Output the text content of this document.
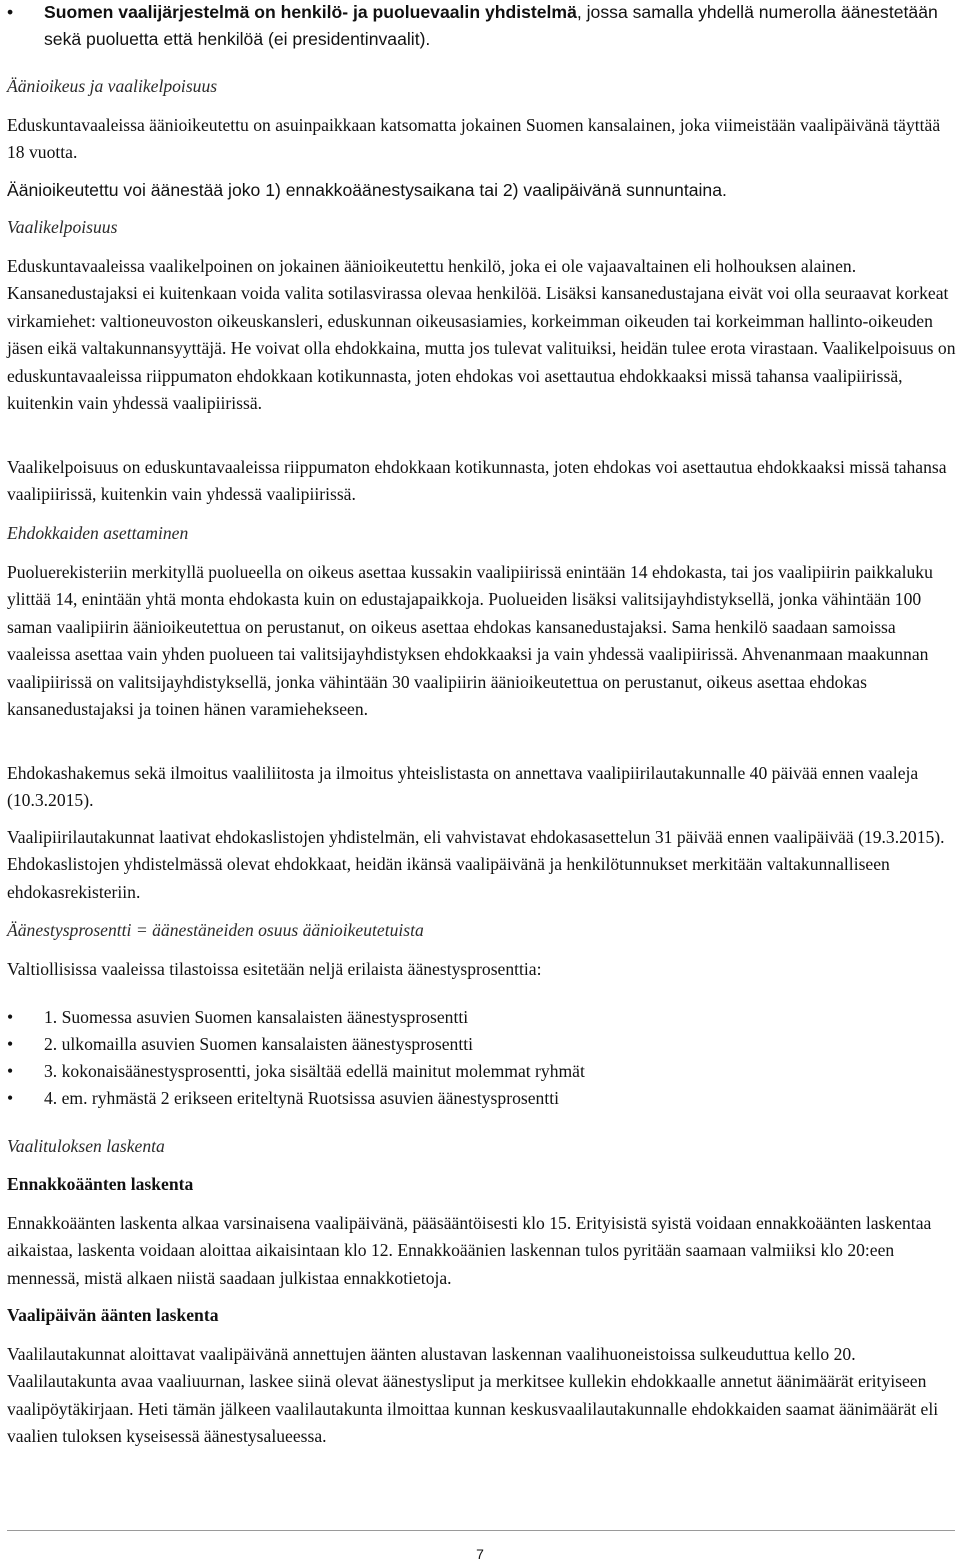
• Suomen vaalijärjestelmä on henkilö- ja puoluevaalin yhdistelmä, jossa samalla yhdellä numerolla äänestetään sekä puoluetta että henkilöä (ei presidentinvaalit).

Äänioikeus ja vaalikelpoisuus

Eduskuntavaaleissa äänioikeutettu on asuinpaikkaan katsomatta jokainen Suomen kansalainen, joka viimeistään vaalipäivänä täyttää 18 vuotta.

Äänioikeutettu voi äänestää joko 1) ennakkoäänestysaikana tai 2) vaalipäivänä sunnuntaina.

Vaalikelpoisuus

Eduskuntavaaleissa vaalikelpoinen on jokainen äänioikeutettu henkilö, joka ei ole vajaavaltainen eli holhouksen alainen. Kansanedustajaksi ei kuitenkaan voida valita sotilasvirassa olevaa henkilöä. Lisäksi kansanedustajana eivät voi olla seuraavat korkeat virkamiehet: valtioneuvoston oikeuskansleri, eduskunnan oikeusasiamies, korkeimman oikeuden tai korkeimman hallinto-oikeuden jäsen eikä valtakunnansyyttäjä. He voivat olla ehdokkaina, mutta jos tulevat valituiksi, heidän tulee erota virastaan. Vaalikelpoisuus on eduskuntavaaleissa riippumaton ehdokkaan kotikunnasta, joten ehdokas voi asettautua ehdokkaaksi missä tahansa vaalipiirissä, kuitenkin vain yhdessä vaalipiirissä.

Vaalikelpoisuus on eduskuntavaaleissa riippumaton ehdokkaan kotikunnasta, joten ehdokas voi asettautua ehdokkaaksi missä tahansa vaalipiirissä, kuitenkin vain yhdessä vaalipiirissä.

Ehdokkaiden asettaminen

Puoluerekisteriin merkityllä puolueella on oikeus asettaa kussakin vaalipiirissä enintään 14 ehdokasta, tai jos vaalipiirin paikkaluku ylittää 14, enintään yhtä monta ehdokasta kuin on edustajapaikkoja. Puolueiden lisäksi valitsijayhdistyksellä, jonka vähintään 100 saman vaalipiirin äänioikeutettua on perustanut, on oikeus asettaa ehdokas kansanedustajaksi. Sama henkilö saadaan samoissa vaaleissa asettaa vain yhden puolueen tai valitsijayhdistyksen ehdokkaaksi ja vain yhdessä vaalipiirissä. Ahvenanmaan maakunnan vaalipiirissä on valitsijayhdistyksellä, jonka vähintään 30 vaalipiirin äänioikeutettua on perustanut, oikeus asettaa ehdokas kansanedustajaksi ja toinen hänen varamiehekseen.

Ehdokashakemus sekä ilmoitus vaaliliitosta ja ilmoitus yhteislistasta on annettava vaalipiirilautakunnalle 40 päivää ennen vaaleja (10.3.2015).

Vaalipiirilautakunnat laativat ehdokaslistojen yhdistelmän, eli vahvistavat ehdokasasettelun 31 päivää ennen vaalipäivää (19.3.2015). Ehdokaslistojen yhdistelmässä olevat ehdokkaat, heidän ikänsä vaalipäivänä ja henkilötunnukset merkitään valtakunnalliseen ehdokasrekisteriin.

Äänestysprosentti = äänestäneiden osuus äänioikeutetuista

Valtiollisissa vaaleissa tilastoissa esitetään neljä erilaista äänestysprosenttia:

• 1. Suomessa asuvien Suomen kansalaisten äänestysprosentti
• 2. ulkomailla asuvien Suomen kansalaisten äänestysprosentti
• 3. kokonaisäänestysprosentti, joka sisältää edellä mainitut molemmat ryhmät
• 4. em. ryhmästä 2 erikseen eriteltynä Ruotsissa asuvien äänestysprosentti

Vaalituloksen laskenta

Ennakkoäänten laskenta

Ennakkoäänten laskenta alkaa varsinaisena vaalipäivänä, pääsääntöisesti klo 15. Erityisistä syistä voidaan ennakkoäänten laskentaa aikaistaa, laskenta voidaan aloittaa aikaisintaan klo 12. Ennakkoäänien laskennan tulos pyritään saamaan valmiiksi klo 20:een mennessä, mistä alkaen niistä saadaan julkistaa ennakkotietoja.

Vaalipäivän äänten laskenta

Vaalilautakunnat aloittavat vaalipäivänä annettujen äänten alustavan laskennan vaalihuoneistoissa sulkeuduttua kello 20. Vaalilautakunta avaa vaaliuurnan, laskee siinä olevat äänestysliput ja merkitsee kullekin ehdokkaalle annetut äänimäärät erityiseen vaalipöytäkirjaan. Heti tämän jälkeen vaalilautakunta ilmoittaa kunnan keskusvaalilautakunnalle ehdokkaiden saamat äänimäärät eli vaalien tuloksen kyseisessä äänestysalueessa.

7
